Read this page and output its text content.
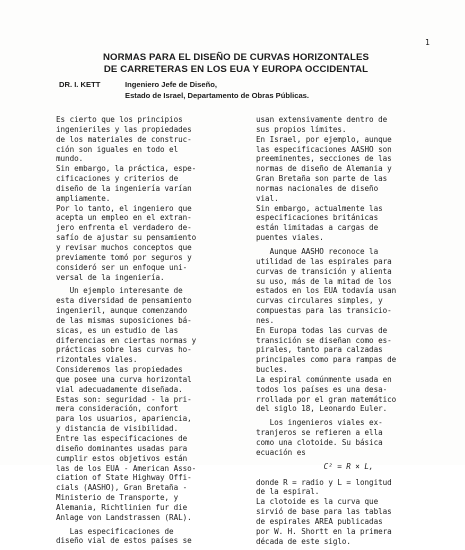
1
NORMAS PARA EL DISEÑO DE CURVAS HORIZONTALES
DE CARRETERAS EN LOS EUA Y EUROPA OCCIDENTAL
DR. I. KETT	Ingeniero Jefe de Diseño,
Estado de Israel, Departamento de Obras Públicas.

Es cierto que los principios
ingenieriles y las propiedades
de los materiales de construc-
ción son iguales en todo el
mundo.
Sin embargo, la práctica, espe-
cificaciones y criterios de
diseño de la ingeniería varían
ampliamente.
Por lo tanto, el ingeniero que
acepta un empleo en el extran-
jero enfrenta el verdadero de-
safío de ajustar su pensamiento
y revisar muchos conceptos que
previamente tomó por seguros y
consideró ser un enfoque uni-
versal de la ingeniería.

Un ejemplo interesante de
esta diversidad de pensamiento
ingenieril, aunque comenzando
de las mismas suposiciones bá-
sicas, es un estudio de las
diferencias en ciertas normas y
prácticas sobre las curvas ho-
rizontales viales.
Consideremos las propiedades
que posee una curva horizontal
vial adecuadamente diseñada.
Estas son: seguridad - la pri-
mera consideración, confort
para los usuarios, apariencia,
y distancia de visibilidad.
Entre las especificaciones de
diseño dominantes usadas para
cumplir estos objetivos están
las de los EUA - American Asso-
ciation of State Highway Offi-
cials (AASHO), Gran Bretaña -
Ministerio de Transporte, y
Alemania, Richtlinien fur die
Anlage von Landstrassen (RAL).

Las especificaciones de
diseño vial de estos países se

usan extensivamente dentro de
sus propios límites.
En Israel, por ejemplo, aunque
las especificaciones AASHO son
preeminentes, secciones de las
normas de diseño de Alemania y
Gran Bretaña son parte de las
normas nacionales de diseño
vial.
Sin embargo, actualmente las
especificaciones británicas
están limitadas a cargas de
puentes viales.

Aunque AASHO reconoce la
utilidad de las espirales para
curvas de transición y alienta
su uso, más de la mitad de los
estados en los EUA todavía usan
curvas circulares simples, y
compuestas para las transicio-
nes.
En Europa todas las curvas de
transición se diseñan como es-
pirales, tanto para calzadas
principales como para rampas de
bucles.
La espiral comúnmente usada en
todos los países es una desa-
rrollada por el gran matemático
del siglo 18, Leonardo Euler.

Los ingenieros viales ex-
tranjeros se refieren a ella
como una clotoide. Su básica
ecuación es

C² = R × L,

donde R = radio y L = longitud
de la espiral.
La clotoide es la curva que
sirvió de base para las tablas
de espirales AREA publicadas
por W. H. Shortt en la primera
década de este siglo.
